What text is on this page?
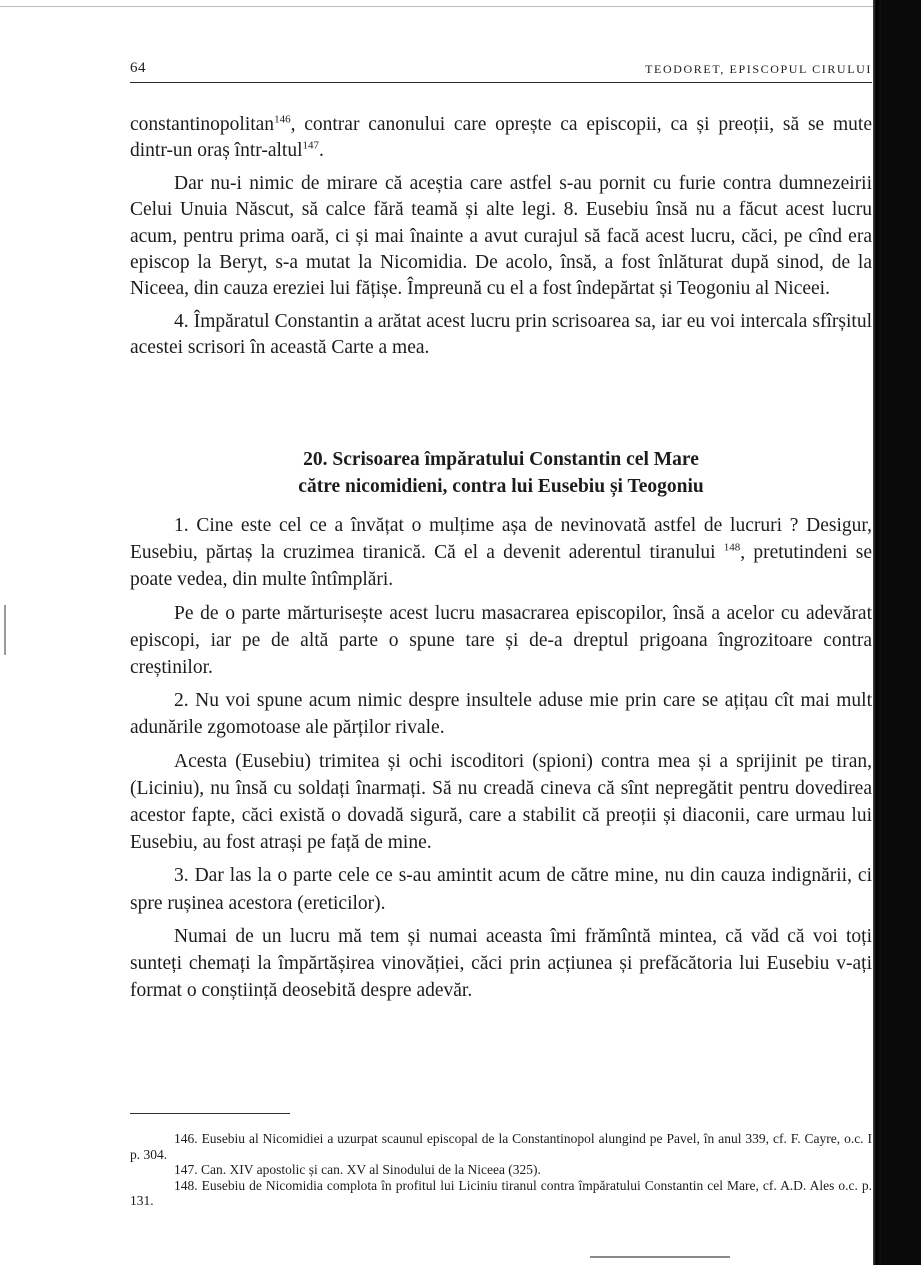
64	TEODORET, EPISCOPUL CIRULUI

constantinopolitan$^{146}$, contrar canonului care oprește ca episcopii, ca și preoții, să se mute dintr-un oraș într-altul$^{147}$.

Dar nu-i nimic de mirare că aceștia care astfel s-au pornit cu furie contra dumnezeirii Celui Unuia Născut, să calce fără teamă și alte legi. 8. Eusebiu însă nu a făcut acest lucru acum, pentru prima oară, ci și mai înainte a avut curajul să facă acest lucru, căci, pe cînd era episcop la Beryt, s-a mutat la Nicomidia. De acolo, însă, a fost înlăturat după sinod, de la Niceea, din cauza ereziei lui fățișe. Împreună cu el a fost îndepărtat și Teogoniu al Niceei.

4. Împăratul Constantin a arătat acest lucru prin scrisoarea sa, iar eu voi intercala sfîrșitul acestei scrisori în această Carte a mea.

20. Scrisoarea împăratului Constantin cel Mare
către nicomidieni, contra lui Eusebiu și Teogoniu

1. Cine este cel ce a învățat o mulțime așa de nevinovată astfel de lucruri ? Desigur, Eusebiu, părtaș la cruzimea tiranică. Că el a devenit aderentul tiranului $^{148}$, pretutindeni se poate vedea, din multe întîmplări.

Pe de o parte mărturisește acest lucru masacrarea episcopilor, însă a acelor cu adevărat episcopi, iar pe de altă parte o spune tare și de-a dreptul prigoana îngrozitoare contra creștinilor.

2. Nu voi spune acum nimic despre insultele aduse mie prin care se ațițau cît mai mult adunările zgomotoase ale părților rivale.

Acesta (Eusebiu) trimitea și ochi iscoditori (spioni) contra mea și a sprijinit pe tiran, (Liciniu), nu însă cu soldați înarmați. Să nu creadă cineva că sînt nepregătit pentru dovedirea acestor fapte, căci există o dovadă sigură, care a stabilit că preoții și diaconii, care urmau lui Eusebiu, au fost atrași pe față de mine.

3. Dar las la o parte cele ce s-au amintit acum de către mine, nu din cauza indignării, ci spre rușinea acestora (ereticilor).

Numai de un lucru mă tem și numai aceasta îmi frămîntă mintea, că văd că voi toți sunteți chemați la împărtășirea vinovăției, căci prin acțiunea și prefăcătoria lui Eusebiu v-ați format o conștiință deosebită despre adevăr.

146. Eusebiu al Nicomidiei a uzurpat scaunul episcopal de la Constantinopol alungind pe Pavel, în anul 339, cf. F. Cayre, o.c. I p. 304.

147. Can. XIV apostolic și can. XV al Sinodului de la Niceea (325).

148. Eusebiu de Nicomidia complota în profitul lui Liciniu tiranul contra împăratului Constantin cel Mare, cf. A.D. Ales o.c. p. 131.
